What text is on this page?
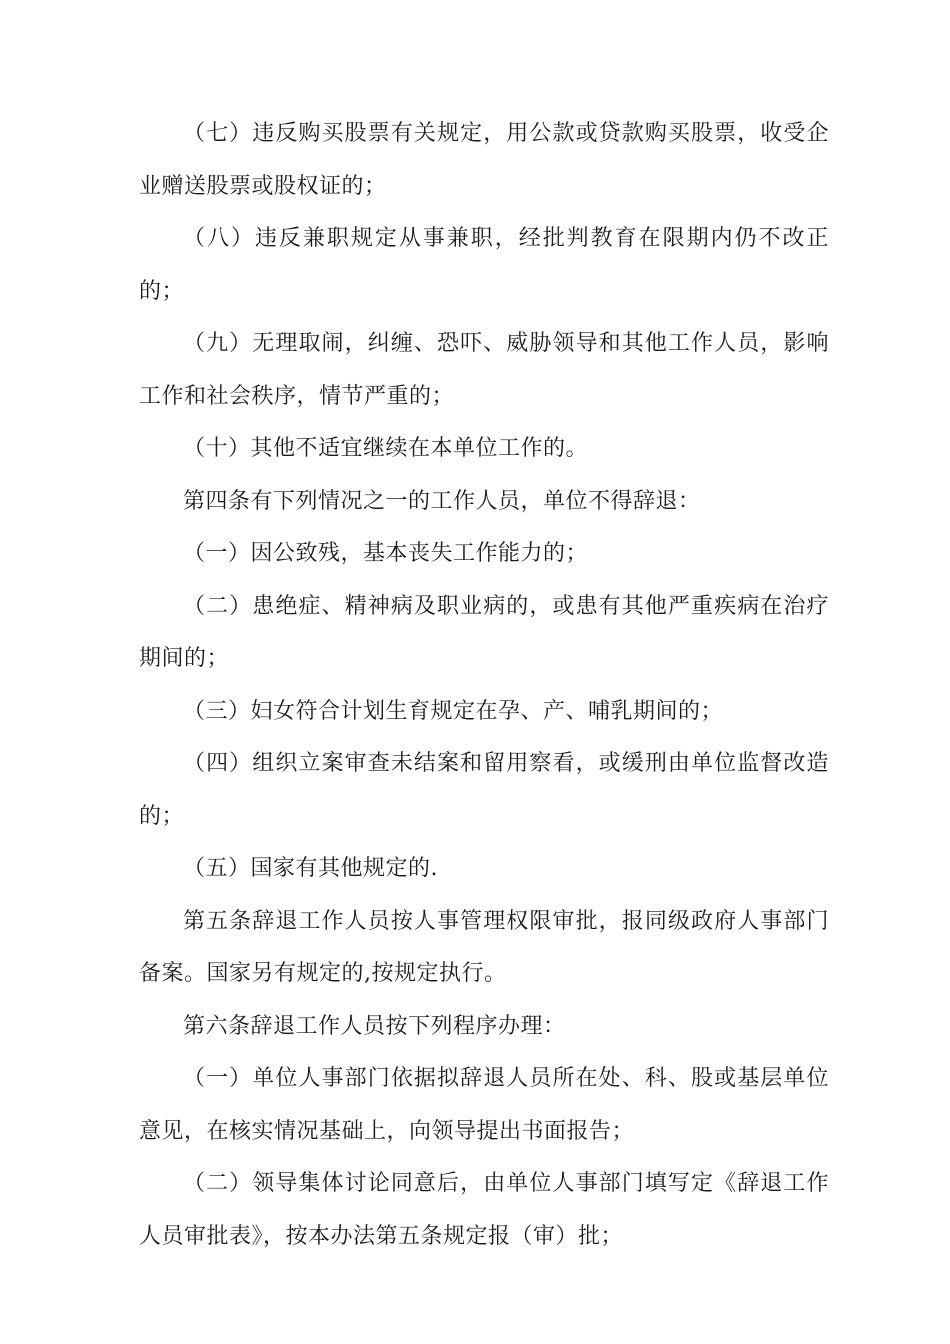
（七）违反购买股票有关规定，用公款或贷款购买股票，收受企业赠送股票或股权证的；

（八）违反兼职规定从事兼职，经批判教育在限期内仍不改正的；

（九）无理取闹，纠缠、恐吓、威胁领导和其他工作人员，影响工作和社会秩序，情节严重的；

（十）其他不适宜继续在本单位工作的。

第四条有下列情况之一的工作人员，单位不得辞退：

（一）因公致残，基本丧失工作能力的；

（二）患绝症、精神病及职业病的，或患有其他严重疾病在治疗期间的；

（三）妇女符合计划生育规定在孕、产、哺乳期间的；

（四）组织立案审查未结案和留用察看，或缓刑由单位监督改造的；

（五）国家有其他规定的.

第五条辞退工作人员按人事管理权限审批，报同级政府人事部门备案。国家另有规定的,按规定执行。

第六条辞退工作人员按下列程序办理：

（一）单位人事部门依据拟辞退人员所在处、科、股或基层单位意见，在核实情况基础上，向领导提出书面报告；

（二）领导集体讨论同意后，由单位人事部门填写定《辞退工作人员审批表》，按本办法第五条规定报（审）批；
